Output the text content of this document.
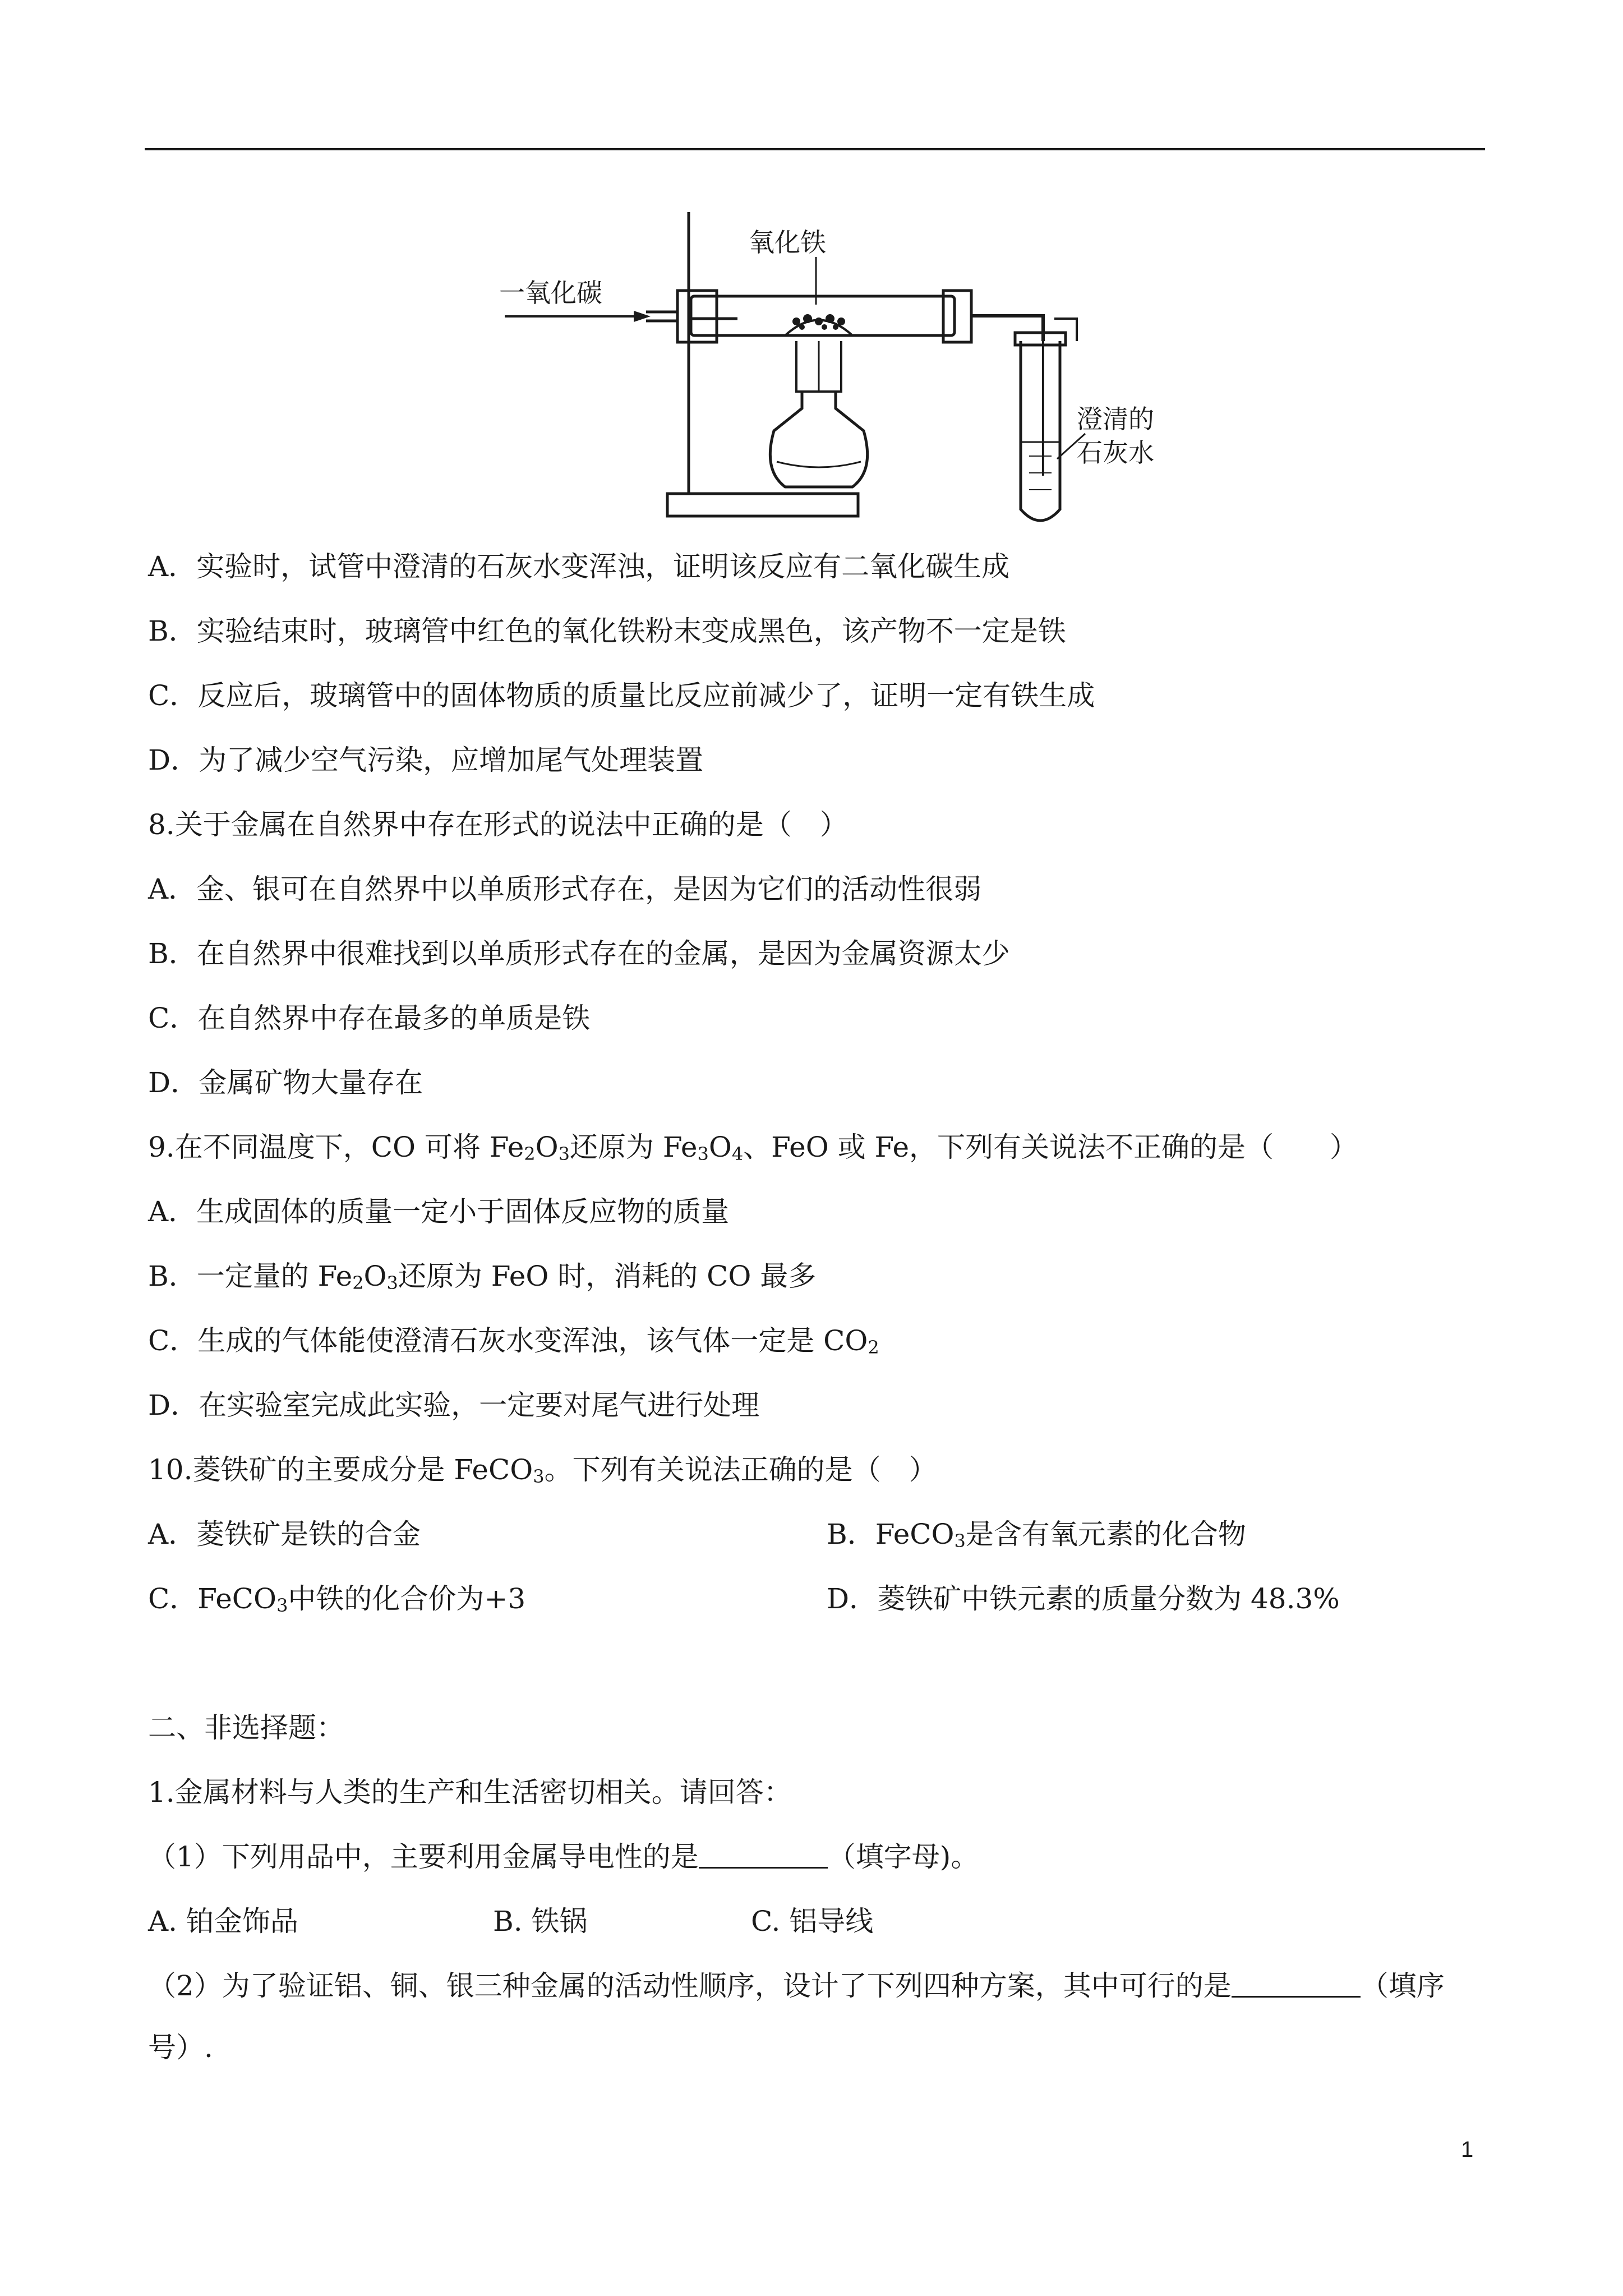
一氧化碳
氧化铁
澄清的
石灰水
A．实验时，试管中澄清的石灰水变浑浊，证明该反应有二氧化碳生成
B．实验结束时，玻璃管中红色的氧化铁粉末变成黑色，该产物不一定是铁
C．反应后，玻璃管中的固体物质的质量比反应前减少了，证明一定有铁生成
D．为了减少空气污染，应增加尾气处理装置
8.关于金属在自然界中存在形式的说法中正确的是（　）
A．金、银可在自然界中以单质形式存在，是因为它们的活动性很弱
B．在自然界中很难找到以单质形式存在的金属，是因为金属资源太少
C．在自然界中存在最多的单质是铁
D．金属矿物大量存在
9.在不同温度下，CO 可将 $Fe_2O_3$还原为 $Fe_3O_4$、FeO 或 Fe，下列有关说法不正确的是（　　）
A．生成固体的质量一定小于固体反应物的质量
B．一定量的 $Fe_2O_3$还原为 FeO 时，消耗的 CO 最多
C．生成的气体能使澄清石灰水变浑浊，该气体一定是 $CO_2$
D．在实验室完成此实验，一定要对尾气进行处理
10.菱铁矿的主要成分是 FeCO$_3$。下列有关说法正确的是（　）
A．菱铁矿是铁的合金	B．FeCO$_3$是含有氧元素的化合物
C．FeCO$_3$中铁的化合价为+3	D．菱铁矿中铁元素的质量分数为 48.3%
二、非选择题：
1.金属材料与人类的生产和生活密切相关。请回答：
（1）下列用品中，主要利用金属导电性的是	（填字母)。
A. 铂金饰品	B. 铁锅	C. 铝导线
（2）为了验证铝、铜、银三种金属的活动性顺序，设计了下列四种方案，其中可行的是	（填序
号）.
1
